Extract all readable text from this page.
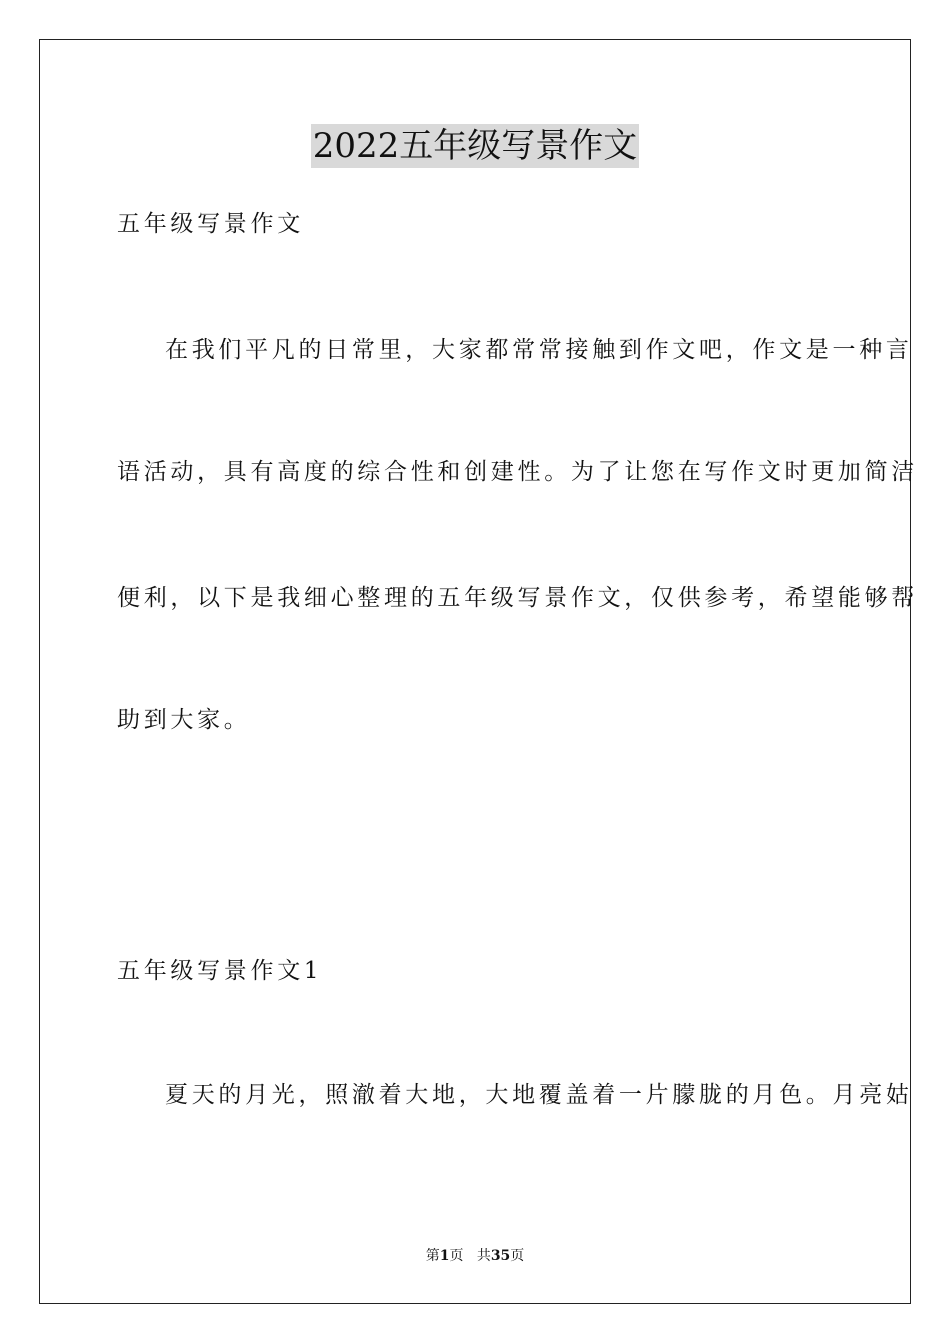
2022五年级写景作文
五年级写景作文
在我们平凡的日常里，大家都常常接触到作文吧，作文是一种言
语活动，具有高度的综合性和创建性。为了让您在写作文时更加简洁
便利，以下是我细心整理的五年级写景作文，仅供参考，希望能够帮
助到大家。
五年级写景作文1
夏天的月光，照澈着大地，大地覆盖着一片朦胧的月色。月亮姑
第1页 共35页
